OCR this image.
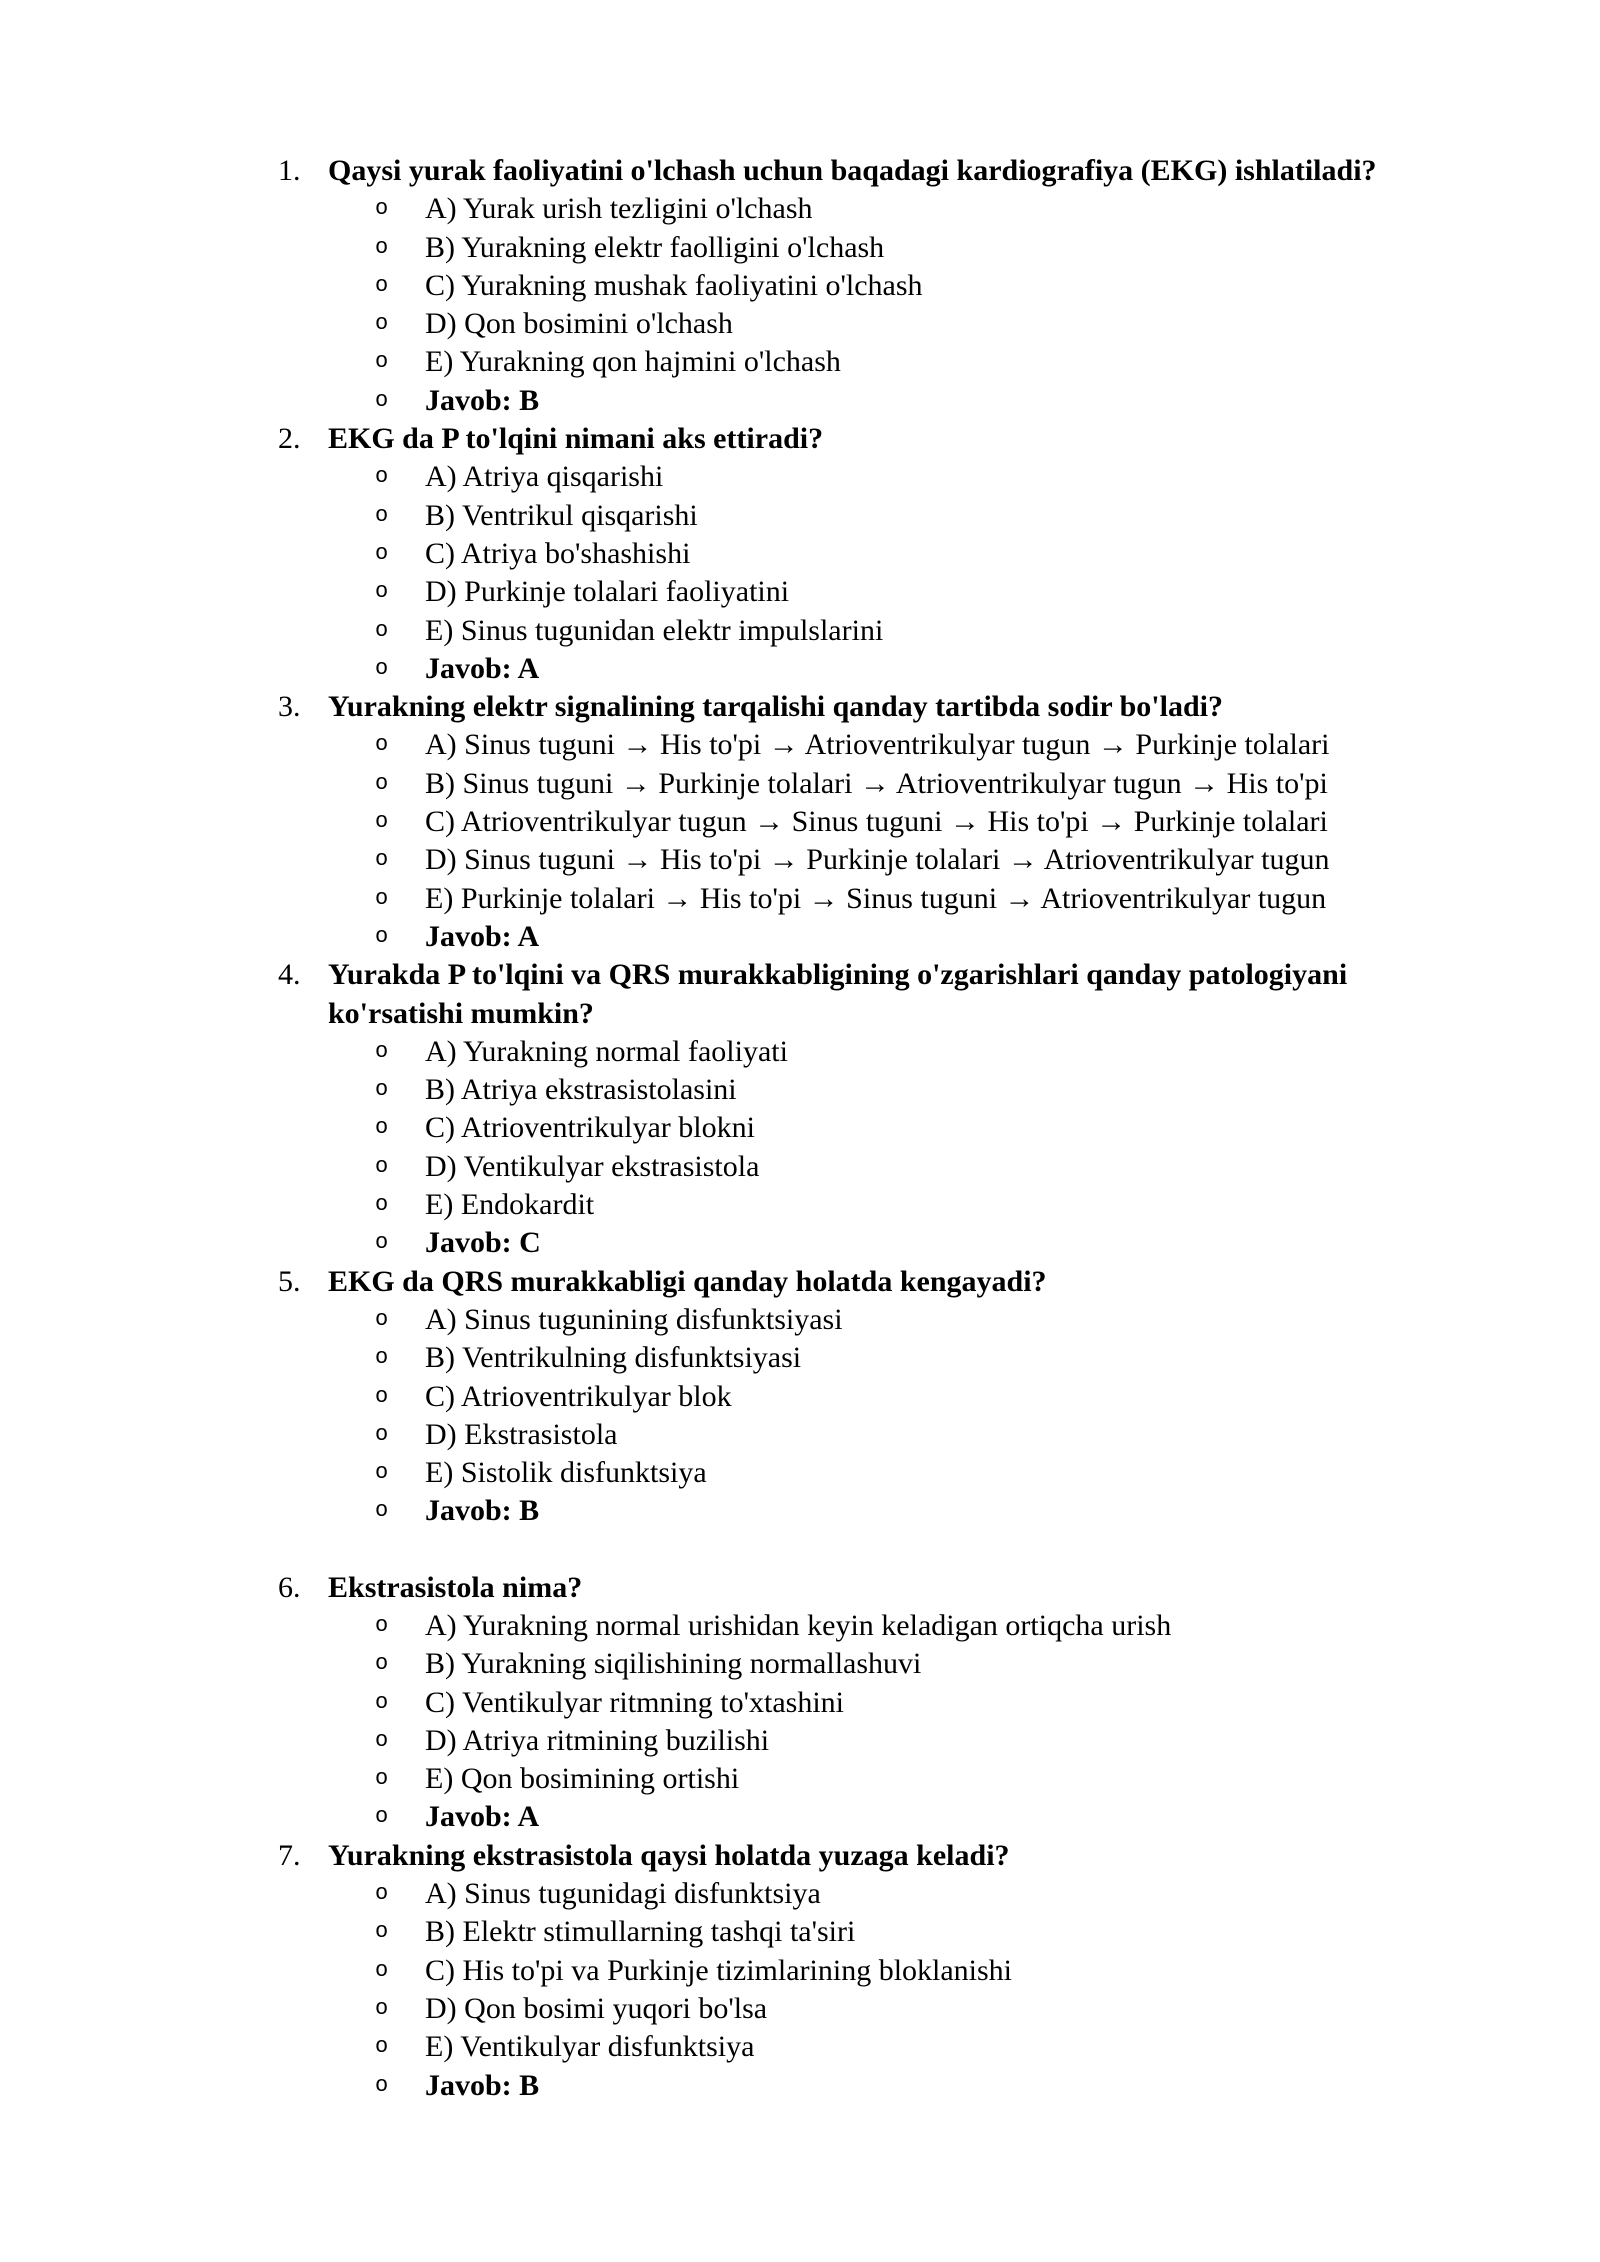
1. Qaysi yurak faoliyatini o'lchash uchun baqadagi kardiografiya (EKG) ishlatiladi?
o A) Yurak urish tezligini o'lchash
o B) Yurakning elektr faolligini o'lchash
o C) Yurakning mushak faoliyatini o'lchash
o D) Qon bosimini o'lchash
o E) Yurakning qon hajmini o'lchash
o Javob: B
2. EKG da P to'lqini nimani aks ettiradi?
o A) Atriya qisqarishi
o B) Ventrikul qisqarishi
o C) Atriya bo'shashishi
o D) Purkinje tolalari faoliyatini
o E) Sinus tugunidan elektr impulslarini
o Javob: A
3. Yurakning elektr signalining tarqalishi qanday tartibda sodir bo'ladi?
o A) Sinus tuguni → His to'pi → Atrioventrikulyar tugun → Purkinje tolalari
o B) Sinus tuguni → Purkinje tolalari → Atrioventrikulyar tugun → His to'pi
o C) Atrioventrikulyar tugun → Sinus tuguni → His to'pi → Purkinje tolalari
o D) Sinus tuguni → His to'pi → Purkinje tolalari → Atrioventrikulyar tugun
o E) Purkinje tolalari → His to'pi → Sinus tuguni → Atrioventrikulyar tugun
o Javob: A
4. Yurakda P to'lqini va QRS murakkabligining o'zgarishlari qanday patologiyani ko'rsatishi mumkin?
o A) Yurakning normal faoliyati
o B) Atriya ekstrasistolasini
o C) Atrioventrikulyar blokni
o D) Ventikulyar ekstrasistola
o E) Endokardit
o Javob: C
5. EKG da QRS murakkabligi qanday holatda kengayadi?
o A) Sinus tugunining disfunktsiyasi
o B) Ventrikulning disfunktsiyasi
o C) Atrioventrikulyar blok
o D) Ekstrasistola
o E) Sistolik disfunktsiya
o Javob: B
6. Ekstrasistola nima?
o A) Yurakning normal urishidan keyin keladigan ortiqcha urish
o B) Yurakning siqilishining normallashuvi
o C) Ventikulyar ritmning to'xtashini
o D) Atriya ritmining buzilishi
o E) Qon bosimining ortishi
o Javob: A
7. Yurakning ekstrasistola qaysi holatda yuzaga keladi?
o A) Sinus tugunidagi disfunktsiya
o B) Elektr stimullarning tashqi ta'siri
o C) His to'pi va Purkinje tizimlarining bloklanishi
o D) Qon bosimi yuqori bo'lsa
o E) Ventikulyar disfunktsiya
o Javob: B
